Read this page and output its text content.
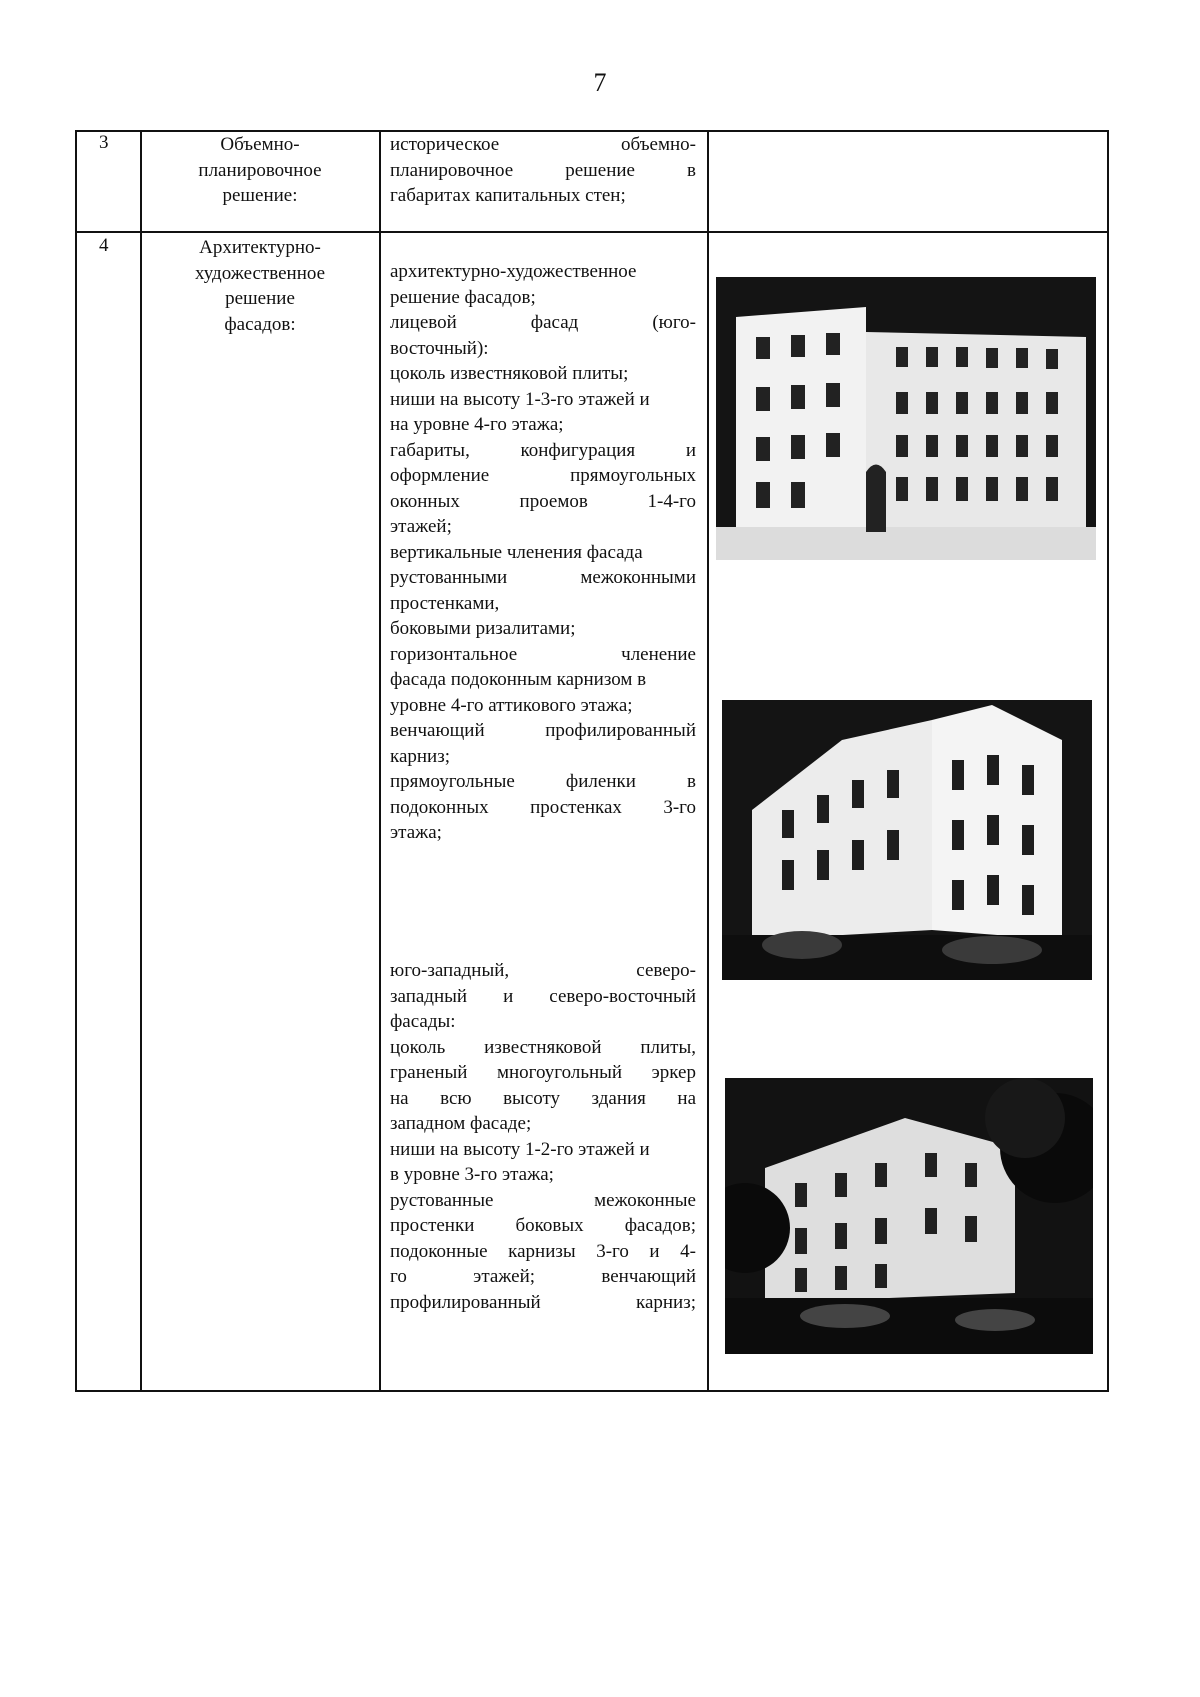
7
3	Объемно-
планировочное
решение:
историческое объемно-
планировочное решение в
габаритах капитальных стен;
4	Архитектурно-
художественное
решение
фасадов:
архитектурно-художественное
решение фасадов;
лицевой фасад (юго-
восточный):
цоколь известняковой плиты;
ниши на высоту 1-3-го этажей и
на уровне 4-го этажа;
габариты, конфигурация и
оформление прямоугольных
оконных проемов 1-4-го
этажей;
вертикальные членения фасада
рустованными межоконными
простенками,
боковыми ризалитами;
горизонтальное членение
фасада подоконным карнизом в
уровне 4-го аттикового этажа;
венчающий профилированный
карниз;
прямоугольные филенки в
подоконных простенках 3-го
этажа;
юго-западный, северо-
западный и северо-восточный
фасады:
цоколь известняковой плиты,
граненый многоугольный эркер
на всю высоту здания на
западном фасаде;
ниши на высоту 1-2-го этажей и
в уровне 3-го этажа;
рустованные межоконные
простенки боковых фасадов;
подоконные карнизы 3-го и 4-
го этажей; венчающий
профилированный карниз;
